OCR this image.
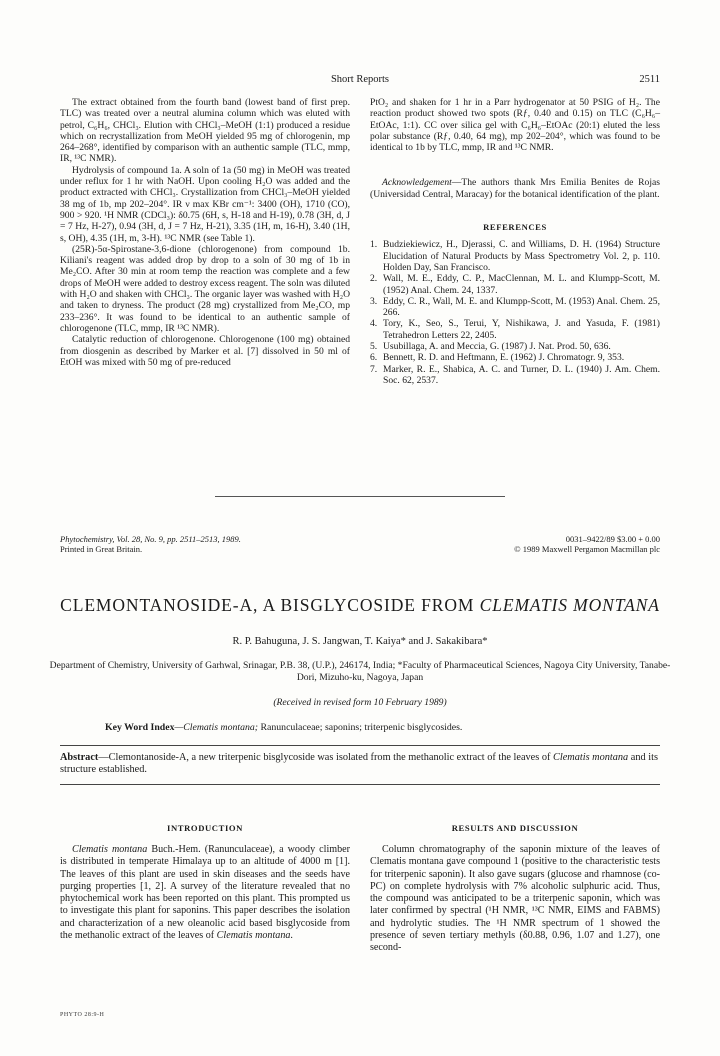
Short Reports	2511

The extract obtained from the fourth band (lowest band of first prep. TLC) was treated over a neutral alumina column which was eluted with petrol, C₆H₆, CHCl₃. Elution with CHCl₃–MeOH (1:1) produced a residue which on recrystallization from MeOH yielded 95 mg of chlorogenin, mp 264–268°, identified by comparison with an authentic sample (TLC, mmp, IR, ¹³C NMR).

Hydrolysis of compound 1a. A soln of 1a (50 mg) in MeOH was treated under reflux for 1 hr with NaOH. Upon cooling H₂O was added and the product extracted with CHCl₃. Crystallization from CHCl₃–MeOH yielded 38 mg of 1b, mp 202–204°. IR ν max KBr cm⁻¹: 3400 (OH), 1710 (CO), 900 > 920. ¹H NMR (CDCl₃): δ0.75 (6H, s, H-18 and H-19), 0.78 (3H, d, J = 7 Hz, H-27), 0.94 (3H, d, J = 7 Hz, H-21), 3.35 (1H, m, 16-H), 3.40 (1H, s, OH), 4.35 (1H, m, 3-H). ¹³C NMR (see Table 1).

(25R)-5α-Spirostane-3,6-dione (chlorogenone) from compound 1b. Kiliani's reagent was added drop by drop to a soln of 30 mg of 1b in Me₂CO. After 30 min at room temp the reaction was complete and a few drops of MeOH were added to destroy excess reagent. The soln was diluted with H₂O and shaken with CHCl₃. The organic layer was washed with H₂O and taken to dryness. The product (28 mg) crystallized from Me₂CO, mp 233–236°. It was found to be identical to an authentic sample of chlorogenone (TLC, mmp, IR ¹³C NMR).

Catalytic reduction of chlorogenone. Chlorogenone (100 mg) obtained from diosgenin as described by Marker et al. [7] dissolved in 50 ml of EtOH was mixed with 50 mg of pre-reduced

PtO₂ and shaken for 1 hr in a Parr hydrogenator at 50 PSIG of H₂. The reaction product showed two spots (Rƒ, 0.40 and 0.15) on TLC (C₆H₆–EtOAc, 1:1). CC over silica gel with C₆H₆–EtOAc (20:1) eluted the less polar substance (Rƒ, 0.40, 64 mg), mp 202–204°, which was found to be identical to 1b by TLC, mmp, IR and ¹³C NMR.

Acknowledgement—The authors thank Mrs Emilia Benites de Rojas (Universidad Central, Maracay) for the botanical identification of the plant.

REFERENCES
1. Budziekiewicz, H., Djerassi, C. and Williams, D. H. (1964) Structure Elucidation of Natural Products by Mass Spectrometry Vol. 2, p. 110. Holden Day, San Francisco.
2. Wall, M. E., Eddy, C. P., MacClennan, M. L. and Klumpp-Scott, M. (1952) Anal. Chem. 24, 1337.
3. Eddy, C. R., Wall, M. E. and Klumpp-Scott, M. (1953) Anal. Chem. 25, 266.
4. Tory, K., Seo, S., Terui, Y, Nishikawa, J. and Yasuda, F. (1981) Tetrahedron Letters 22, 2405.
5. Usubillaga, A. and Meccia, G. (1987) J. Nat. Prod. 50, 636.
6. Bennett, R. D. and Heftmann, E. (1962) J. Chromatogr. 9, 353.
7. Marker, R. E., Shabica, A. C. and Turner, D. L. (1940) J. Am. Chem. Soc. 62, 2537.
Phytochemistry, Vol. 28, No. 9, pp. 2511–2513, 1989.
Printed in Great Britain.
0031–9422/89 $3.00 + 0.00
© 1989 Maxwell Pergamon Macmillan plc
CLEMONTANOSIDE-A, A BISGLYCOSIDE FROM CLEMATIS MONTANA
R. P. Bahuguna, J. S. Jangwan, T. Kaiya* and J. Sakakibara*
Department of Chemistry, University of Garhwal, Srinagar, P.B. 38, (U.P.), 246174, India; *Faculty of Pharmaceutical Sciences, Nagoya City University, Tanabe-Dori, Mizuho-ku, Nagoya, Japan
(Received in revised form 10 February 1989)
Key Word Index—Clematis montana; Ranunculaceae; saponins; triterpenic bisglycosides.
Abstract—Clemontanoside-A, a new triterpenic bisglycoside was isolated from the methanolic extract of the leaves of Clematis montana and its structure established.
INTRODUCTION

Clematis montana Buch.-Hem. (Ranunculaceae), a woody climber is distributed in temperate Himalaya up to an altitude of 4000 m [1]. The leaves of this plant are used in skin diseases and the seeds have purging properties [1, 2]. A survey of the literature revealed that no phytochemical work has been reported on this plant. This prompted us to investigate this plant for saponins. This paper describes the isolation and characterization of a new oleanolic acid based bisglycoside from the methanolic extract of the leaves of Clematis montana.

RESULTS AND DISCUSSION

Column chromatography of the saponin mixture of the leaves of Clematis montana gave compound 1 (positive to the characteristic tests for triterpenic saponin). It also gave sugars (glucose and rhamnose (co-PC) on complete hydrolysis with 7% alcoholic sulphuric acid. Thus, the compound was anticipated to be a triterpenic saponin, which was later confirmed by spectral (¹H NMR, ¹³C NMR, EIMS and FABMS) and hydrolytic studies. The ¹H NMR spectrum of 1 showed the presence of seven tertiary methyls (δ0.88, 0.96, 1.07 and 1.27), one second-

PHYTO 28:9-H
